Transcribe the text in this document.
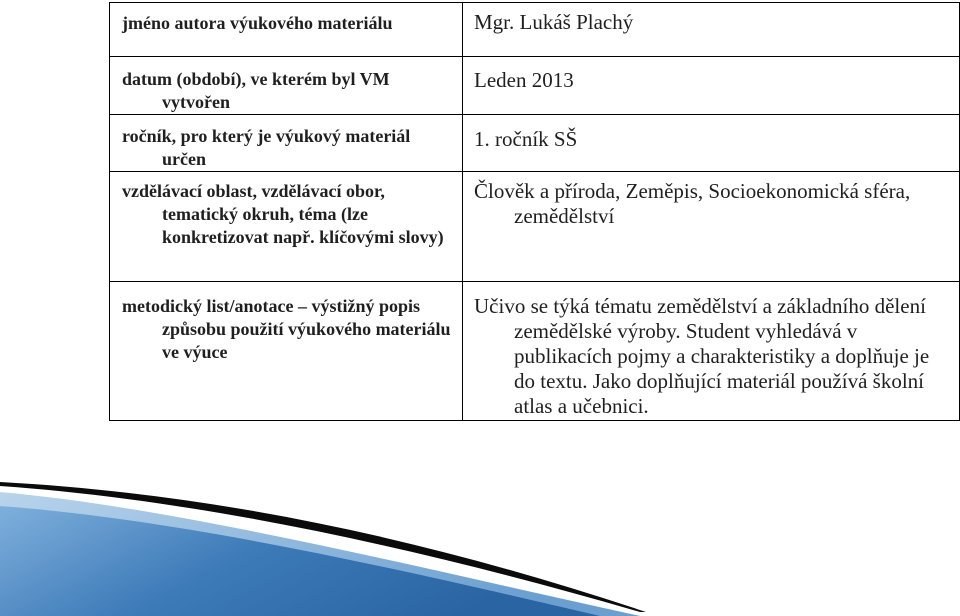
jméno autora výukového materiálu	Mgr. Lukáš Plachý

datum (období), ve kterém byl VM vytvořen	Leden 2013

ročník, pro který je výukový materiál určen	1. ročník SŠ

vzdělávací oblast, vzdělávací obor, tematický okruh, téma (lze konkretizovat např. klíčovými slovy)	Člověk a příroda, Zeměpis, Socioekonomická sféra, zemědělství

metodický list/anotace – výstižný popis způsobu použití výukového materiálu ve výuce	Učivo se týká tématu zemědělství a základního dělení zemědělské výroby. Student vyhledává v publikacích pojmy a charakteristiky a doplňuje je do textu. Jako doplňující materiál používá školní atlas a učebnici.
